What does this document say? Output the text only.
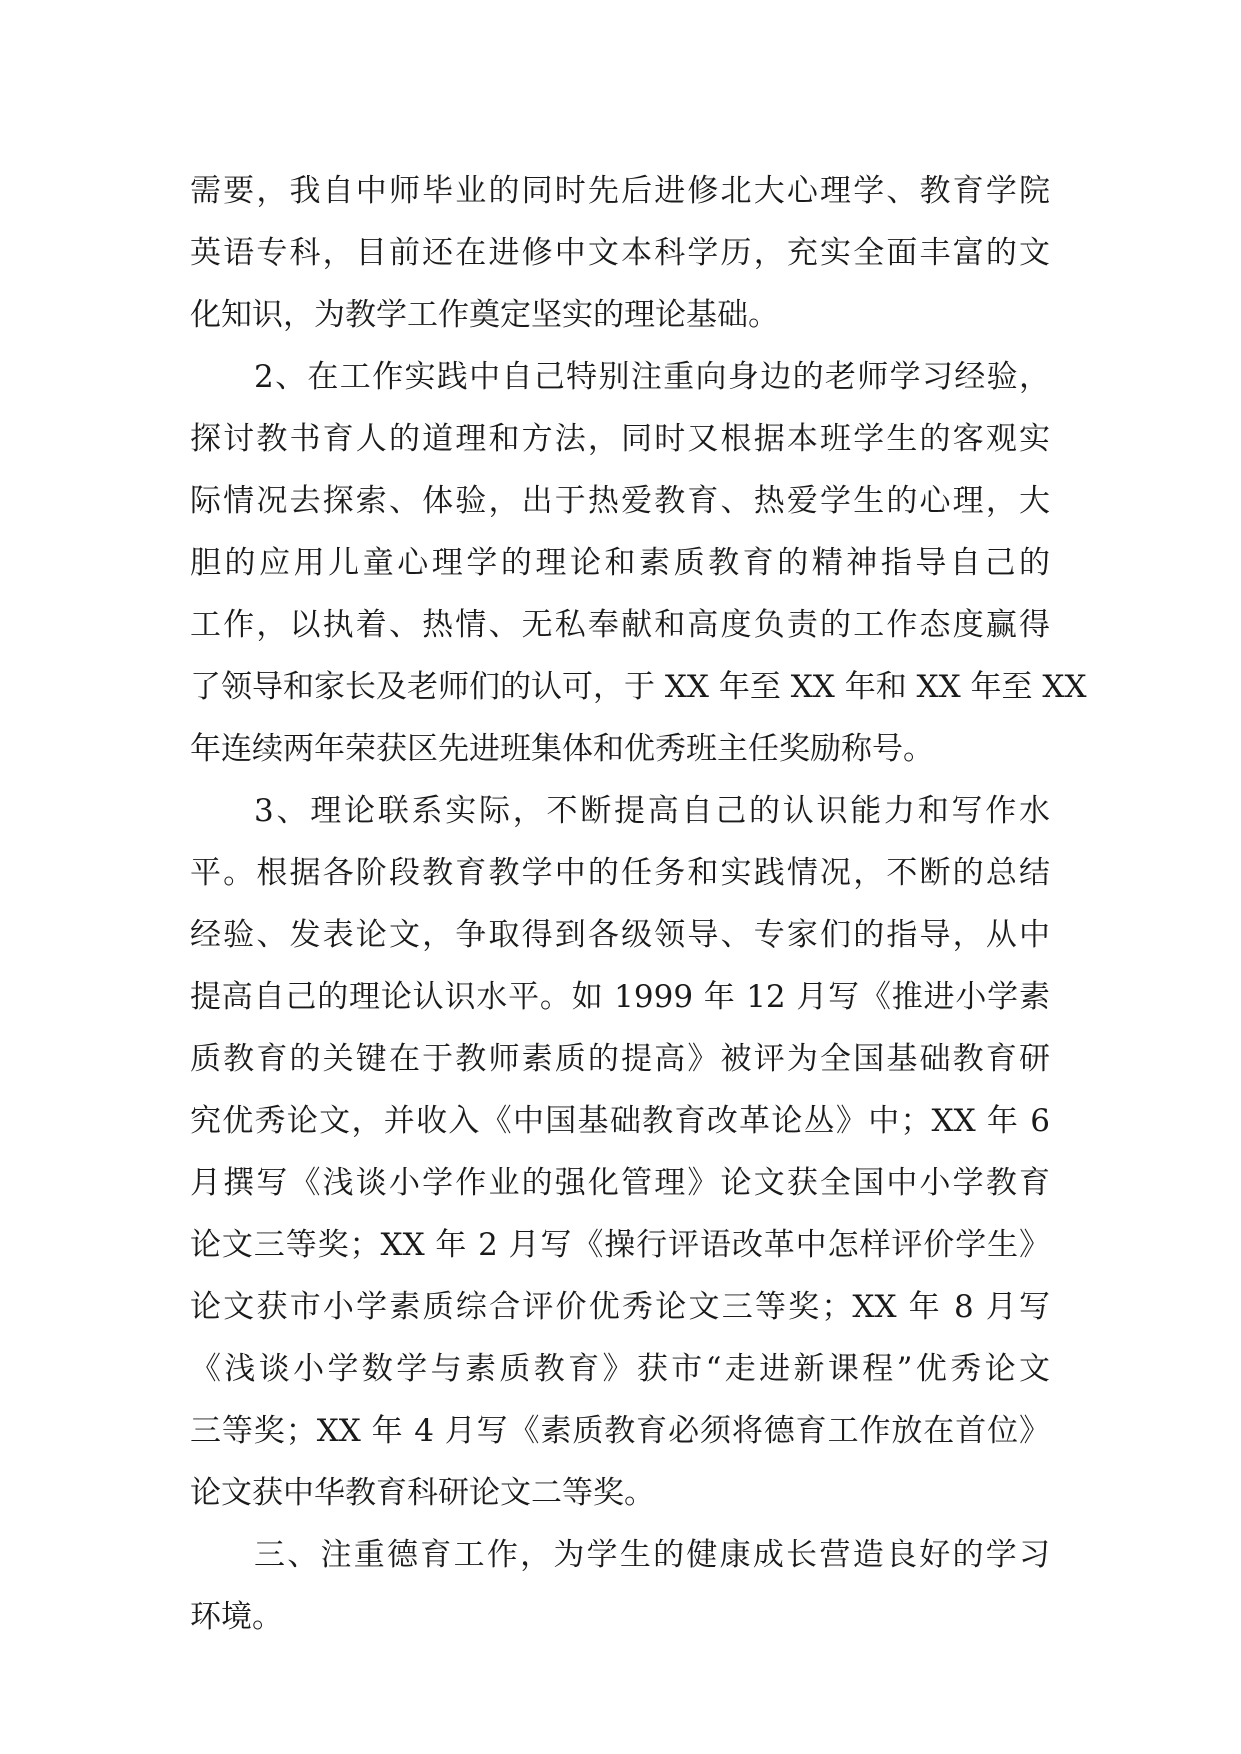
需要，我自中师毕业的同时先后进修北大心理学、教育学院
英语专科，目前还在进修中文本科学历，充实全面丰富的文
化知识，为教学工作奠定坚实的理论基础。
2、在工作实践中自己特别注重向身边的老师学习经验，
探讨教书育人的道理和方法，同时又根据本班学生的客观实
际情况去探索、体验，出于热爱教育、热爱学生的心理，大
胆的应用儿童心理学的理论和素质教育的精神指导自己的
工作，以执着、热情、无私奉献和高度负责的工作态度赢得
了领导和家长及老师们的认可，于 XX 年至 XX 年和 XX 年至 XX
年连续两年荣获区先进班集体和优秀班主任奖励称号。
3、理论联系实际，不断提高自己的认识能力和写作水
平。根据各阶段教育教学中的任务和实践情况，不断的总结
经验、发表论文，争取得到各级领导、专家们的指导，从中
提高自己的理论认识水平。如 1999 年 12 月写《推进小学素
质教育的关键在于教师素质的提高》被评为全国基础教育研
究优秀论文，并收入《中国基础教育改革论丛》中；XX 年 6
月撰写《浅谈小学作业的强化管理》论文获全国中小学教育
论文三等奖；XX 年 2 月写《操行评语改革中怎样评价学生》
论文获市小学素质综合评价优秀论文三等奖；XX 年 8 月写
《浅谈小学数学与素质教育》获市“走进新课程”优秀论文
三等奖；XX 年 4 月写《素质教育必须将德育工作放在首位》
论文获中华教育科研论文二等奖。
三、注重德育工作，为学生的健康成长营造良好的学习
环境。
